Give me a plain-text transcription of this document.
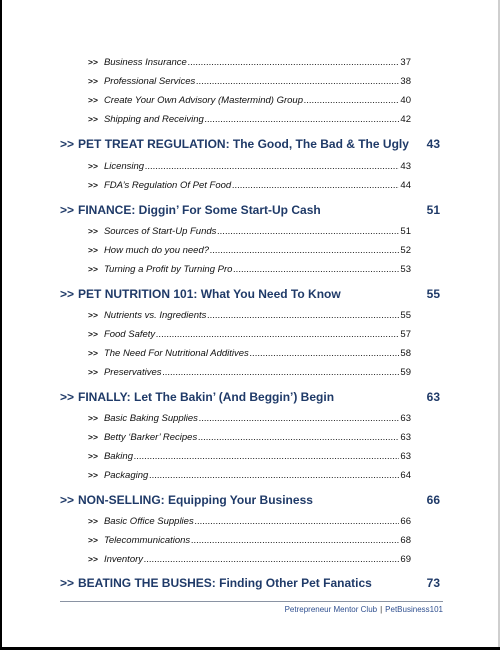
>> Business Insurance .....	37
>> Professional Services .....	38
>> Create Your Own Advisory (Mastermind) Group .....	40
>> Shipping and Receiving .....	42
>> PET TREAT REGULATION: The Good, The Bad & The Ugly 43
>> Licensing .....	43
>> FDA’s Regulation Of Pet Food .....	44
>> FINANCE: Diggin’ For Some Start-Up Cash	51
>> Sources of Start-Up Funds .....	51
>> How much do you need? .....	52
>> Turning a Profit by Turning Pro .....	53
>> PET NUTRITION 101: What You Need To Know	55
>> Nutrients vs. Ingredients .....	55
>> Food Safety .....	57
>> The Need For Nutritional Additives .....	58
>> Preservatives .....	59
>> FINALLY: Let The Bakin’ (And Beggin’) Begin	63
>> Basic Baking Supplies .....	63
>> Betty ‘Barker’ Recipes .....	63
>> Baking .....	63
>> Packaging .....	64
>> NON-SELLING: Equipping Your Business	66
>> Basic Office Supplies .....	66
>> Telecommunications .....	68
>> Inventory .....	69
>> BEATING THE BUSHES: Finding Other Pet Fanatics	73
Petrepreneur Mentor Club | PetBusiness101
